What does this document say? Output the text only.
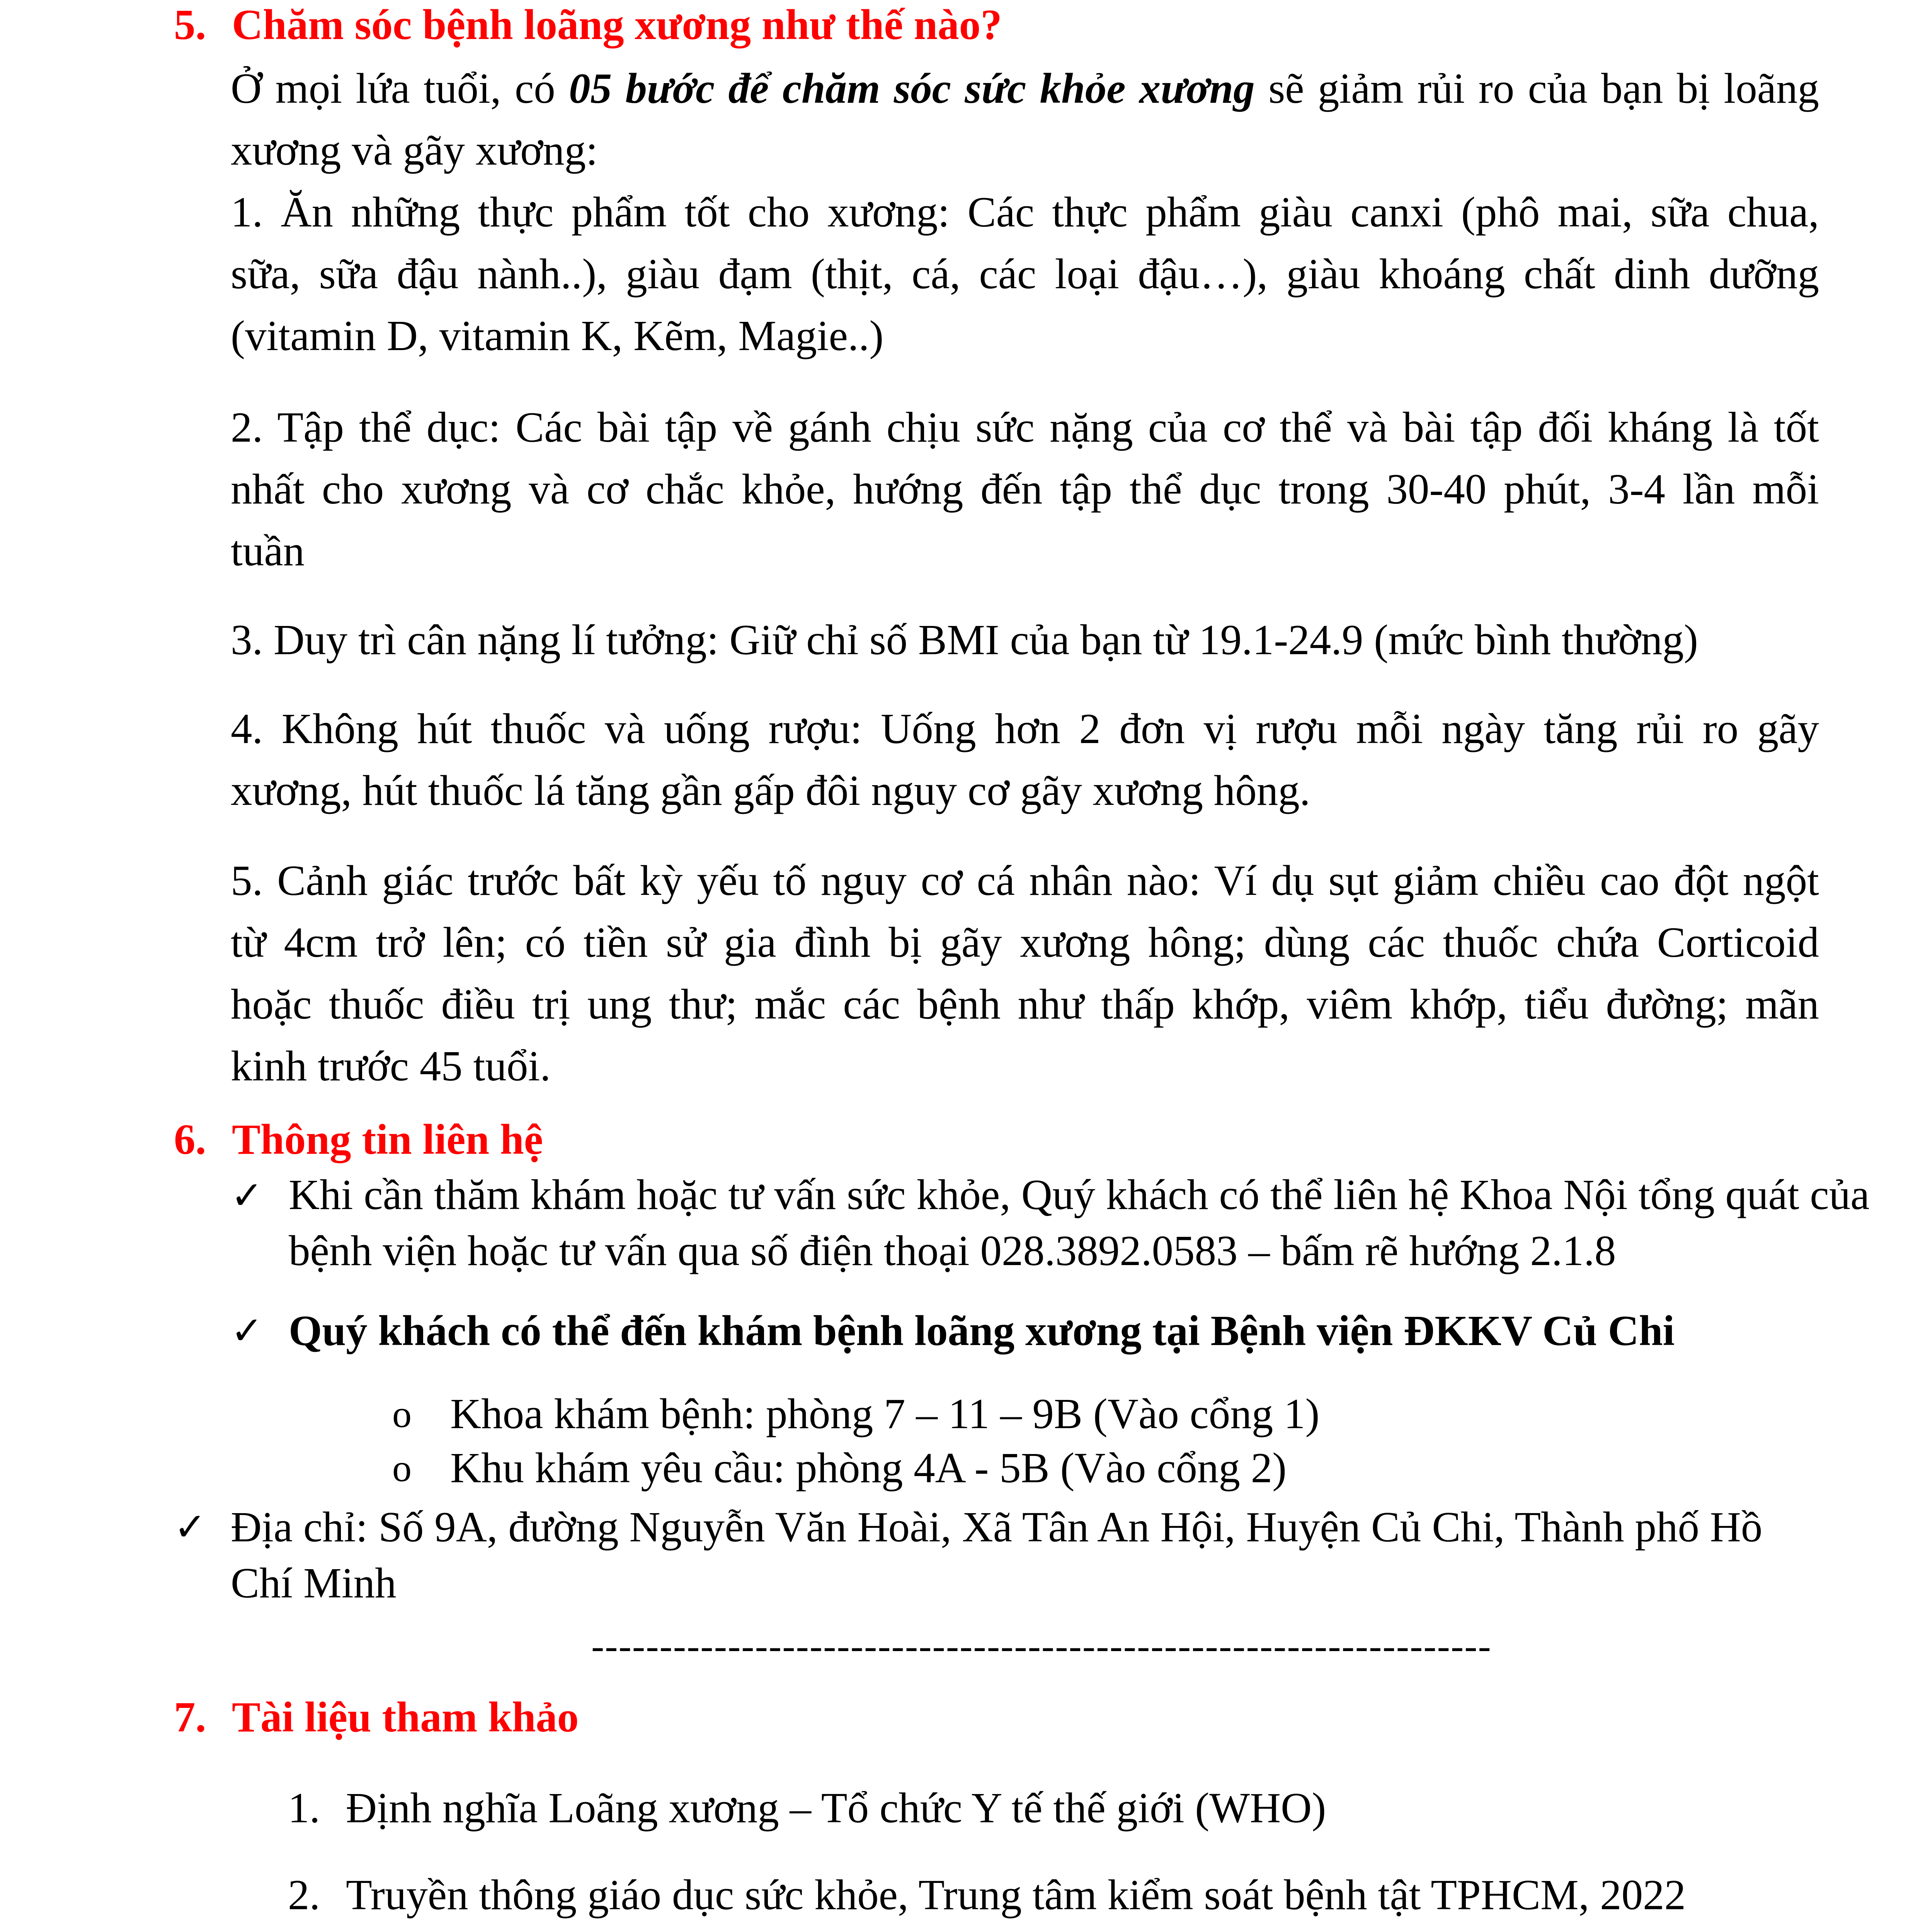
5. Chăm sóc bệnh loãng xương như thế nào?
Ở mọi lứa tuổi, có 05 bước để chăm sóc sức khỏe xương sẽ giảm rủi ro của bạn bị loãng
xương và gãy xương:
1. Ăn những thực phẩm tốt cho xương: Các thực phẩm giàu canxi (phô mai, sữa chua,
sữa, sữa đậu nành..), giàu đạm (thịt, cá, các loại đậu…), giàu khoáng chất dinh dưỡng
(vitamin D, vitamin K, Kẽm, Magie..)
2. Tập thể dục: Các bài tập về gánh chịu sức nặng của cơ thể và bài tập đối kháng là tốt
nhất cho xương và cơ chắc khỏe, hướng đến tập thể dục trong 30-40 phút, 3-4 lần mỗi
tuần
3. Duy trì cân nặng lí tưởng: Giữ chỉ số BMI của bạn từ 19.1-24.9 (mức bình thường)
4. Không hút thuốc và uống rượu: Uống hơn 2 đơn vị rượu mỗi ngày tăng rủi ro gãy
xương, hút thuốc lá tăng gần gấp đôi nguy cơ gãy xương hông.
5. Cảnh giác trước bất kỳ yếu tố nguy cơ cá nhân nào: Ví dụ sụt giảm chiều cao đột ngột
từ 4cm trở lên; có tiền sử gia đình bị gãy xương hông; dùng các thuốc chứa Corticoid
hoặc thuốc điều trị ung thư; mắc các bệnh như thấp khớp, viêm khớp, tiểu đường; mãn
kinh trước 45 tuổi.
6. Thông tin liên hệ
✓ Khi cần thăm khám hoặc tư vấn sức khỏe, Quý khách có thể liên hệ Khoa Nội tổng quát của
bệnh viện hoặc tư vấn qua số điện thoại 028.3892.0583 – bấm rẽ hướng 2.1.8
✓ Quý khách có thể đến khám bệnh loãng xương tại Bệnh viện ĐKKV Củ Chi
o Khoa khám bệnh: phòng 7 – 11 – 9B (Vào cổng 1)
o Khu khám yêu cầu: phòng 4A - 5B (Vào cổng 2)
✓ Địa chỉ: Số 9A, đường Nguyễn Văn Hoài, Xã Tân An Hội, Huyện Củ Chi, Thành phố Hồ
Chí Minh
------------------------------------------------------------------
7. Tài liệu tham khảo
1. Định nghĩa Loãng xương – Tổ chức Y tế thế giới (WHO)
2. Truyền thông giáo dục sức khỏe, Trung tâm kiểm soát bệnh tật TPHCM, 2022
